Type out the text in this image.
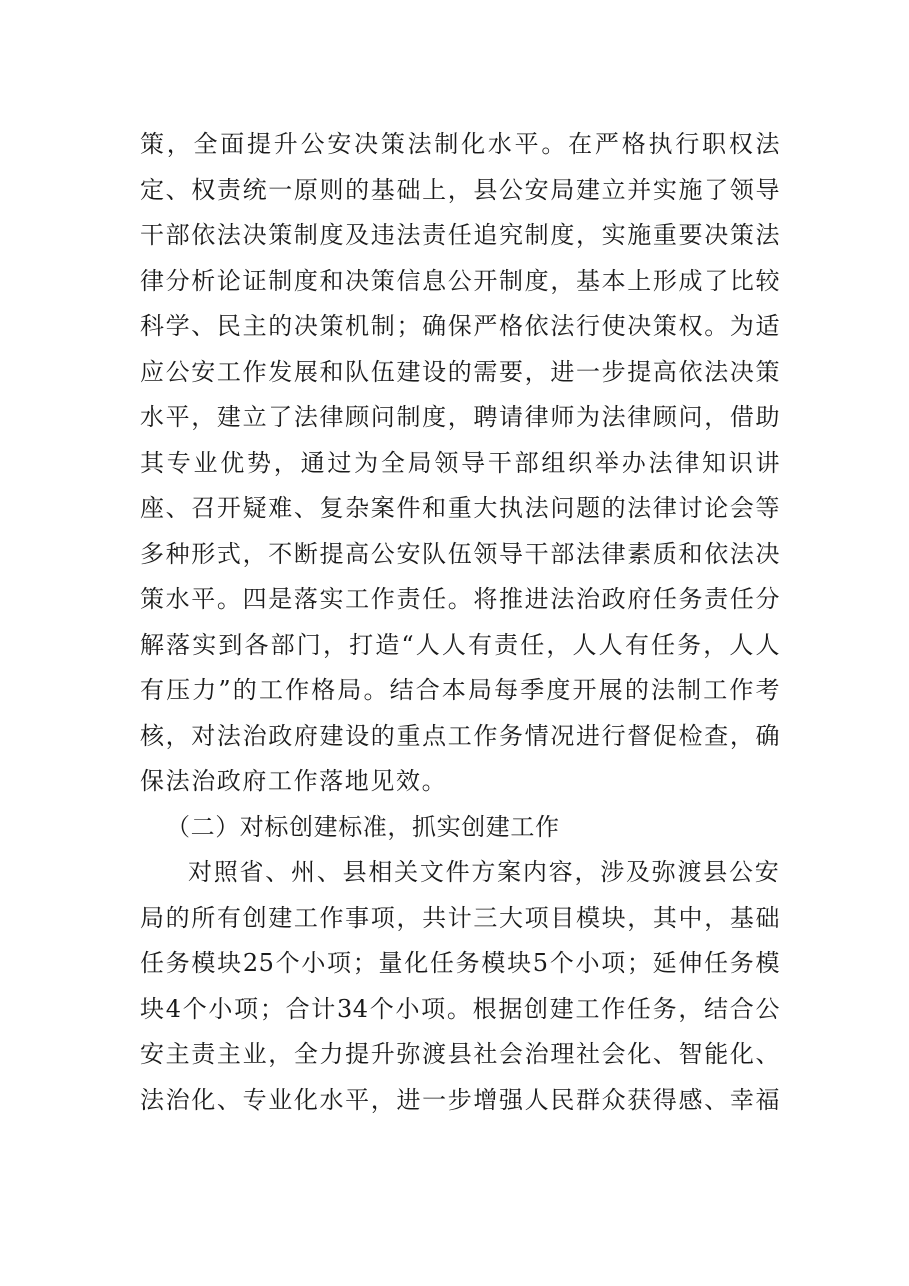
策，全面提升公安决策法制化水平。在严格执行职权法
定、权责统一原则的基础上，县公安局建立并实施了领导
干部依法决策制度及违法责任追究制度，实施重要决策法
律分析论证制度和决策信息公开制度，基本上形成了比较
科学、民主的决策机制；确保严格依法行使决策权。为适
应公安工作发展和队伍建设的需要，进一步提高依法决策
水平，建立了法律顾问制度，聘请律师为法律顾问，借助
其专业优势，通过为全局领导干部组织举办法律知识讲
座、召开疑难、复杂案件和重大执法问题的法律讨论会等
多种形式，不断提高公安队伍领导干部法律素质和依法决
策水平。四是落实工作责任。将推进法治政府任务责任分
解落实到各部门，打造“人人有责任，人人有任务，人人
有压力”的工作格局。结合本局每季度开展的法制工作考
核，对法治政府建设的重点工作务情况进行督促检查，确
保法治政府工作落地见效。
（二）对标创建标准，抓实创建工作
对照省、州、县相关文件方案内容，涉及弥渡县公安
局的所有创建工作事项，共计三大项目模块，其中，基础
任务模块25个小项；量化任务模块5个小项；延伸任务模
块4个小项；合计34个小项。根据创建工作任务，结合公
安主责主业，全力提升弥渡县社会治理社会化、智能化、
法治化、专业化水平，进一步增强人民群众获得感、幸福
